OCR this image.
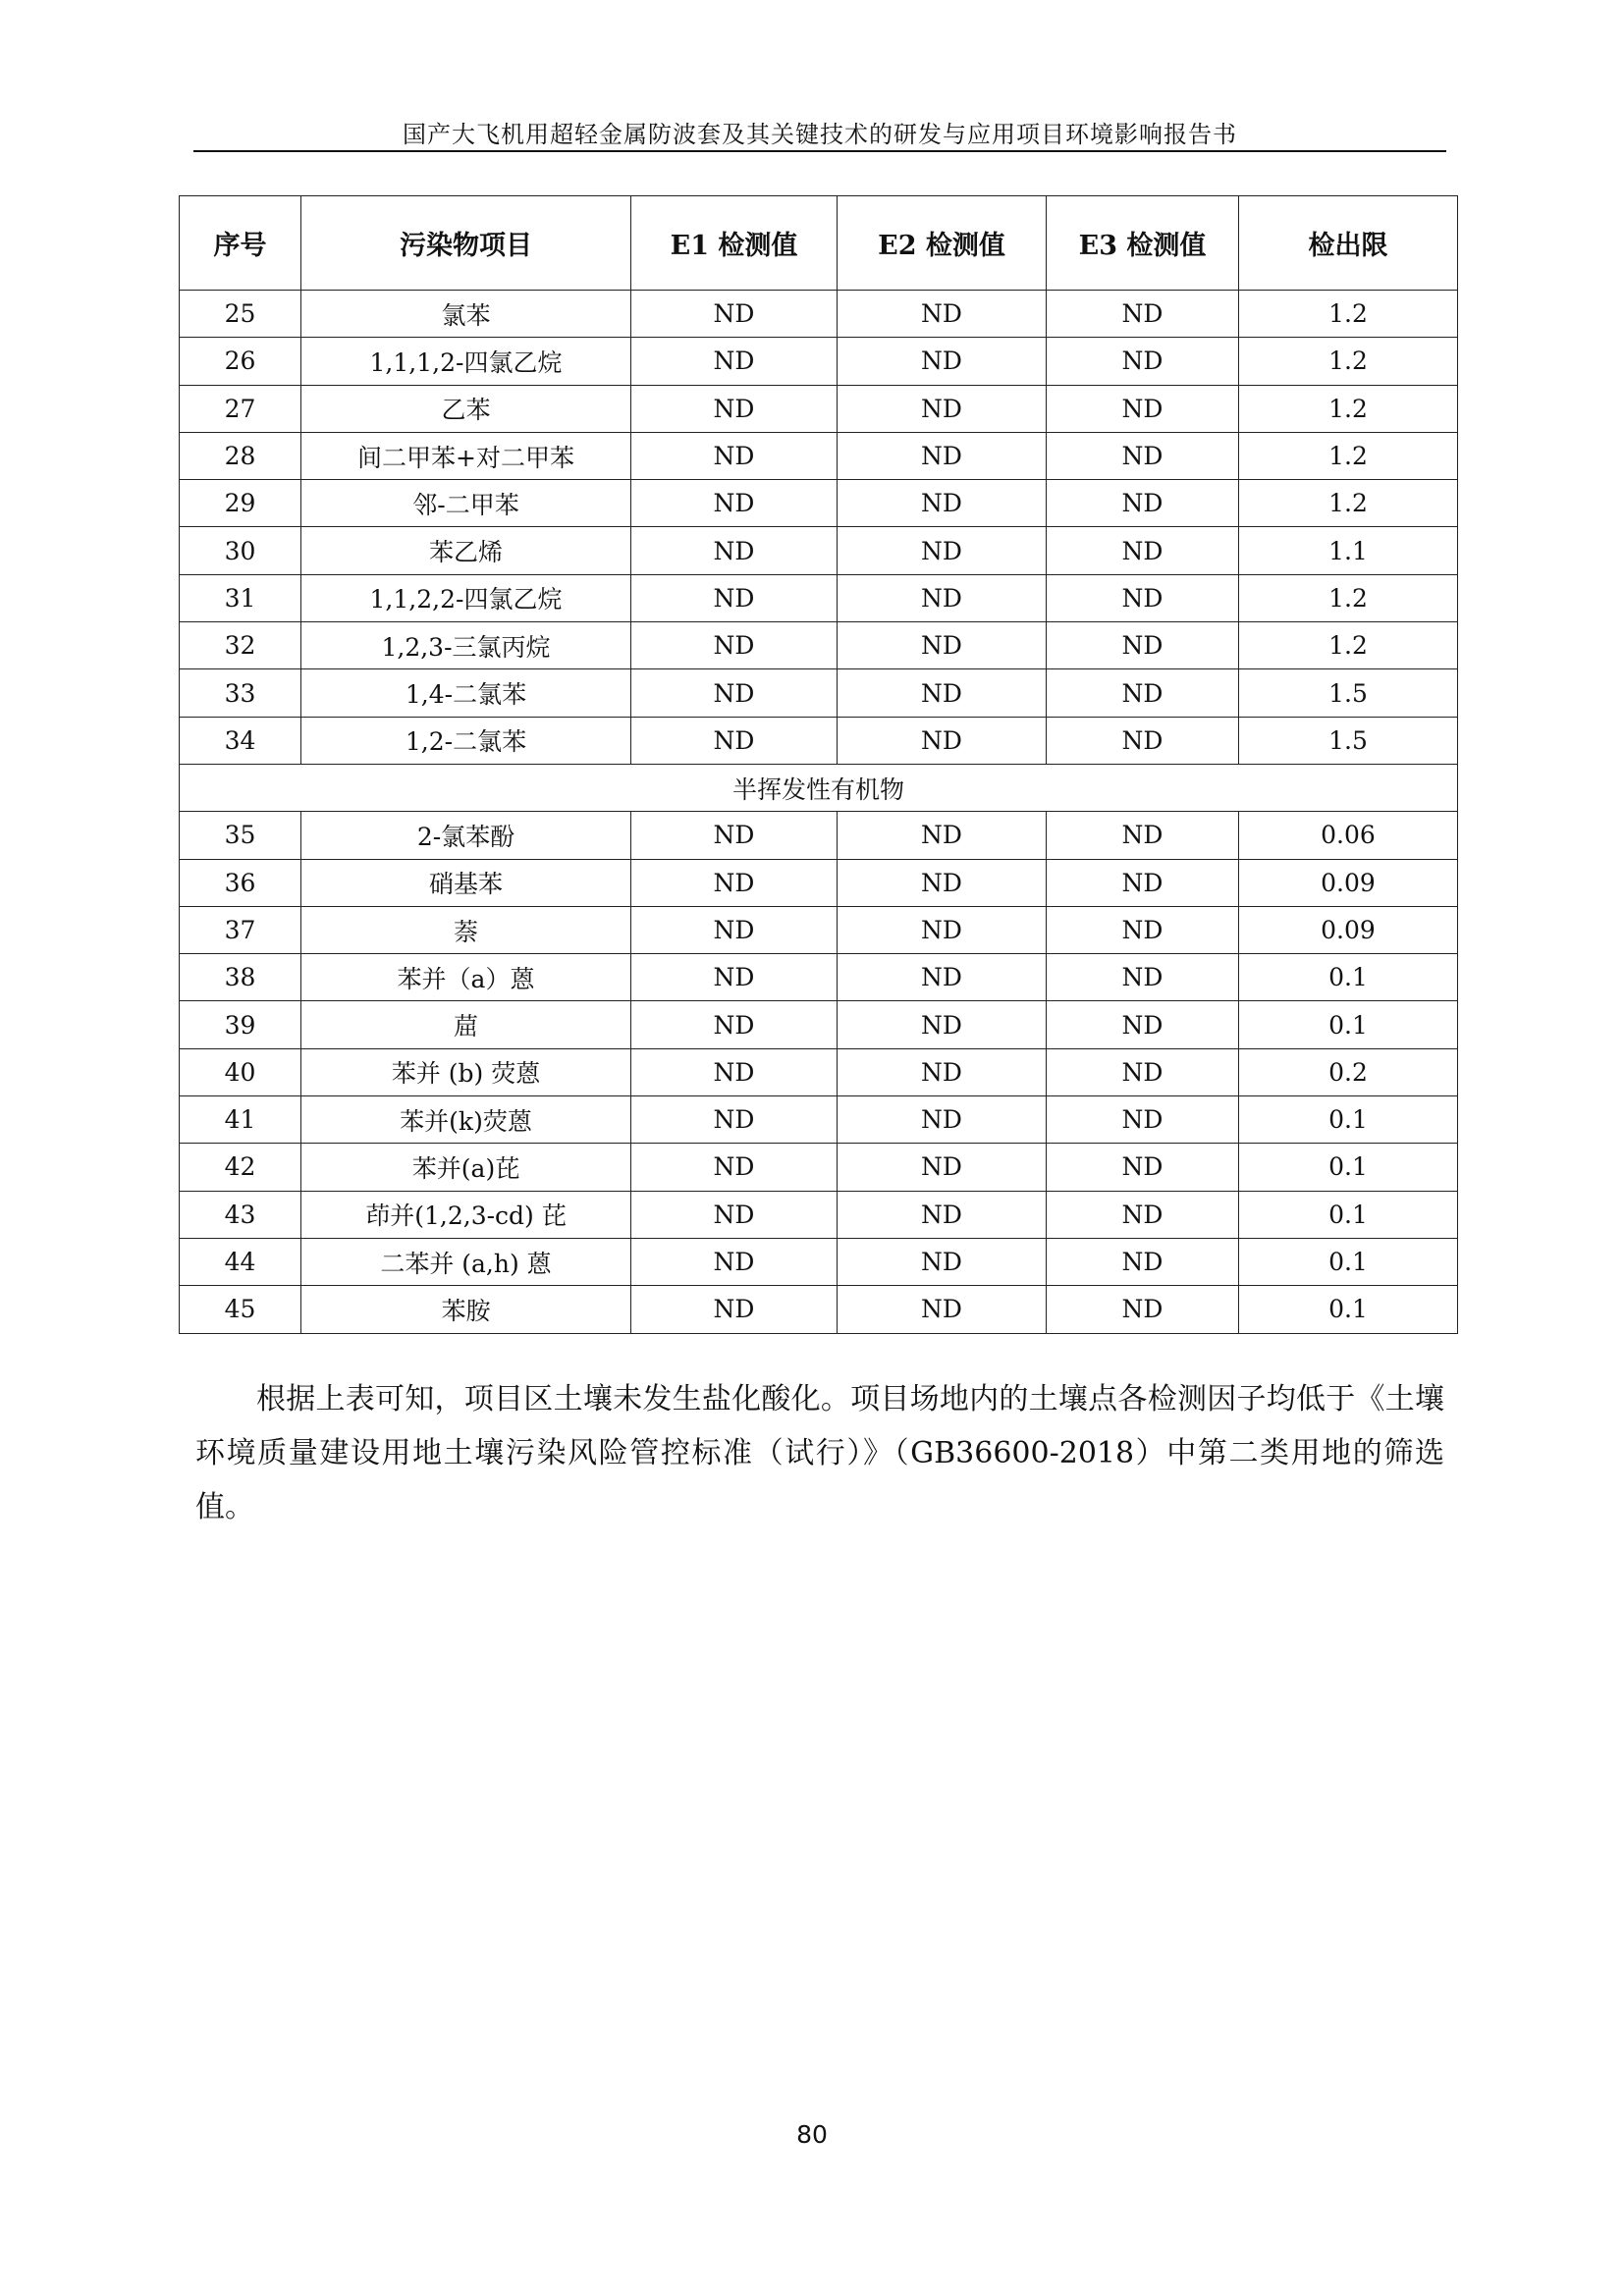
国产大飞机用超轻金属防波套及其关键技术的研发与应用项目环境影响报告书
序号	污染物项目	E1 检测值	E2 检测值	E3 检测值	检出限
25	氯苯	ND	ND	ND	1.2
26	1,1,1,2-四氯乙烷	ND	ND	ND	1.2
27	乙苯	ND	ND	ND	1.2
28	间二甲苯+对二甲苯	ND	ND	ND	1.2
29	邻-二甲苯	ND	ND	ND	1.2
30	苯乙烯	ND	ND	ND	1.1
31	1,1,2,2-四氯乙烷	ND	ND	ND	1.2
32	1,2,3-三氯丙烷	ND	ND	ND	1.2
33	1,4-二氯苯	ND	ND	ND	1.5
34	1,2-二氯苯	ND	ND	ND	1.5
半挥发性有机物					
35	2-氯苯酚	ND	ND	ND	0.06
36	硝基苯	ND	ND	ND	0.09
37	萘	ND	ND	ND	0.09
38	苯并（a）蒽	ND	ND	ND	0.1
39	䓛	ND	ND	ND	0.1
40	苯并 (b) 荧蒽	ND	ND	ND	0.2
41	苯并(k)荧蒽	ND	ND	ND	0.1
42	苯并(a)芘	ND	ND	ND	0.1
43	茚并(1,2,3-cd) 芘	ND	ND	ND	0.1
44	二苯并 (a,h) 蒽	ND	ND	ND	0.1
45	苯胺	ND	ND	ND	0.1
根据上表可知，项目区土壤未发生盐化酸化。项目场地内的土壤点各检测因子均低于《土壤环境质量建设用地土壤污染风险管控标准（试行）》（GB36600-2018）中第二类用地的筛选值。
80
